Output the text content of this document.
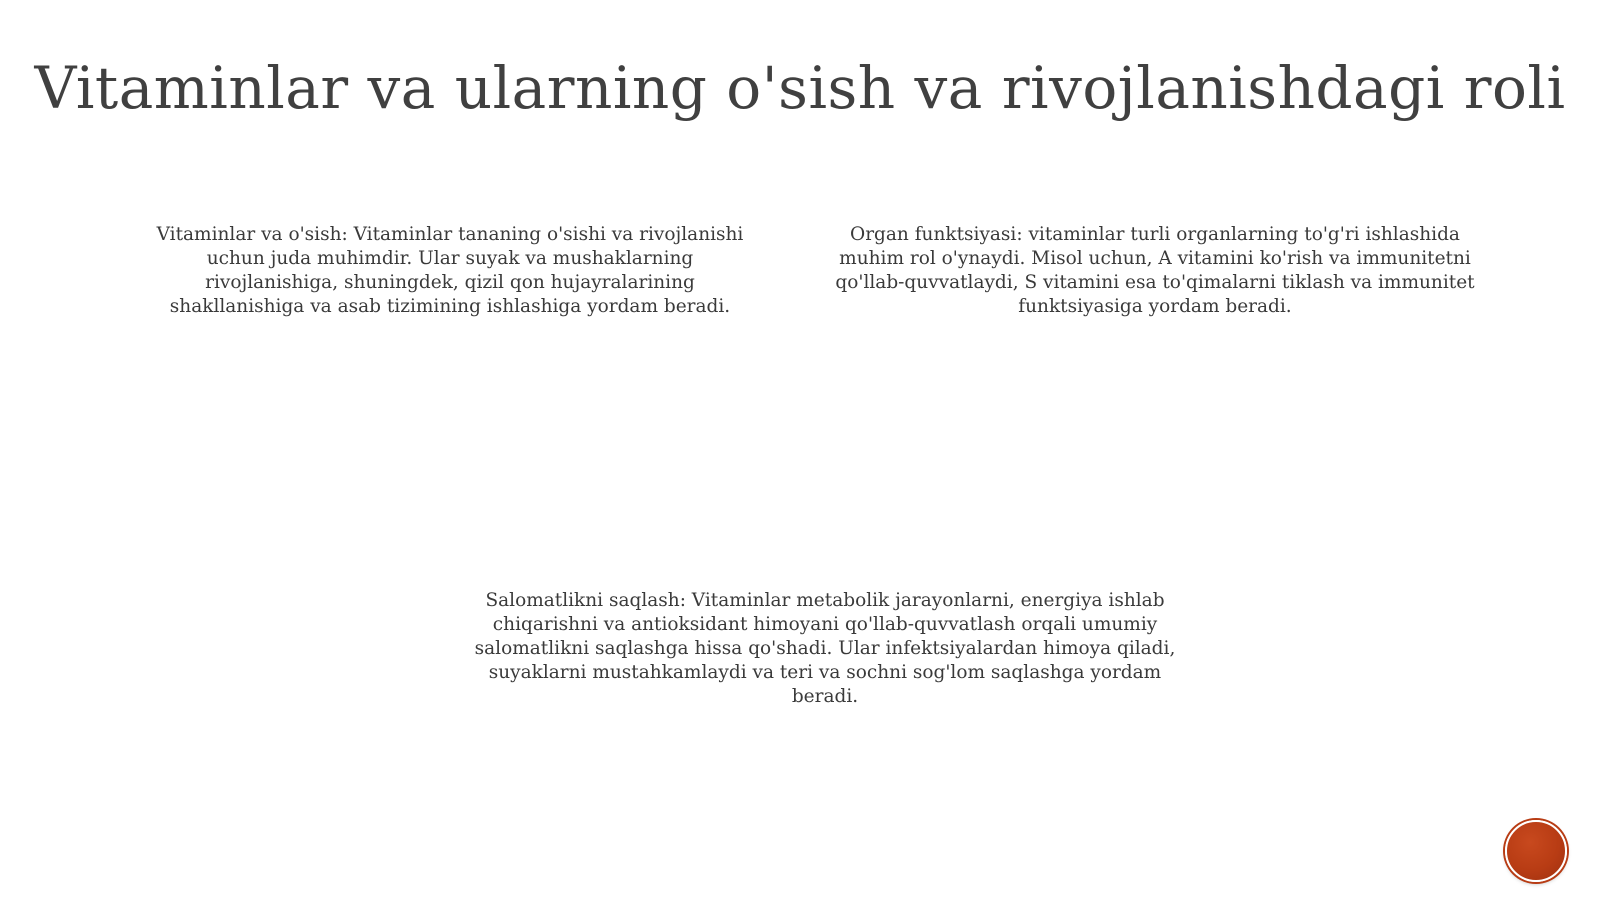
Vitaminlar va ularning o'sish va rivojlanishdagi roli
Vitaminlar va o'sish: Vitaminlar tananing o'sishi va rivojlanishi uchun juda muhimdir. Ular suyak va mushaklarning rivojlanishiga, shuningdek, qizil qon hujayralarining shakllanishiga va asab tizimining ishlashiga yordam beradi.
Organ funktsiyasi: vitaminlar turli organlarning to'g'ri ishlashida muhim rol o'ynaydi. Misol uchun, A vitamini ko'rish va immunitetni qo'llab-quvvatlaydi, S vitamini esa to'qimalarni tiklash va immunitet funktsiyasiga yordam beradi.
Salomatlikni saqlash: Vitaminlar metabolik jarayonlarni, energiya ishlab chiqarishni va antioksidant himoyani qo'llab-quvvatlash orqali umumiy salomatlikni saqlashga hissa qo'shadi. Ular infektsiyalardan himoya qiladi, suyaklarni mustahkamlaydi va teri va sochni sog'lom saqlashga yordam beradi.
